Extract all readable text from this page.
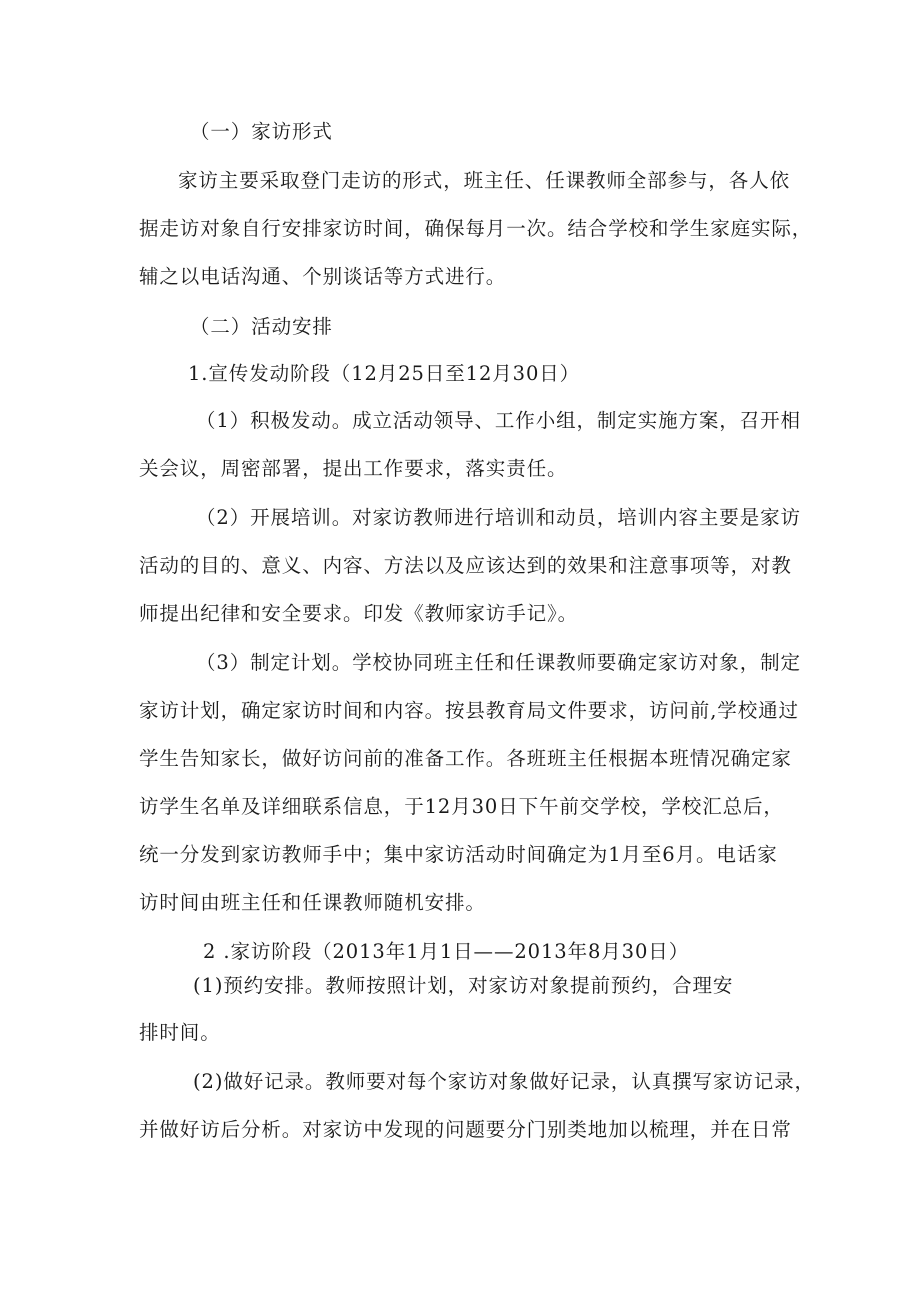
（一）家访形式
家访主要采取登门走访的形式，班主任、任课教师全部参与，各人依
据走访对象自行安排家访时间，确保每月一次。结合学校和学生家庭实际，
辅之以电话沟通、个别谈话等方式进行。
（二）活动安排
1.宣传发动阶段（12月25日至12月30日）
（1）积极发动。成立活动领导、工作小组，制定实施方案，召开相
关会议，周密部署，提出工作要求，落实责任。
（2）开展培训。对家访教师进行培训和动员，培训内容主要是家访
活动的目的、意义、内容、方法以及应该达到的效果和注意事项等，对教
师提出纪律和安全要求。印发《教师家访手记》。
（3）制定计划。学校协同班主任和任课教师要确定家访对象，制定
家访计划，确定家访时间和内容。按县教育局文件要求，访问前,学校通过
学生告知家长，做好访问前的准备工作。各班班主任根据本班情况确定家
访学生名单及详细联系信息，于12月30日下午前交学校，学校汇总后，
统一分发到家访教师手中；集中家访活动时间确定为1月至6月。电话家
访时间由班主任和任课教师随机安排。
2 .家访阶段（2013年1月1日——2013年8月30日）
(1)预约安排。教师按照计划，对家访对象提前预约，合理安
排时间。
(2)做好记录。教师要对每个家访对象做好记录，认真撰写家访记录，
并做好访后分析。对家访中发现的问题要分门别类地加以梳理，并在日常
